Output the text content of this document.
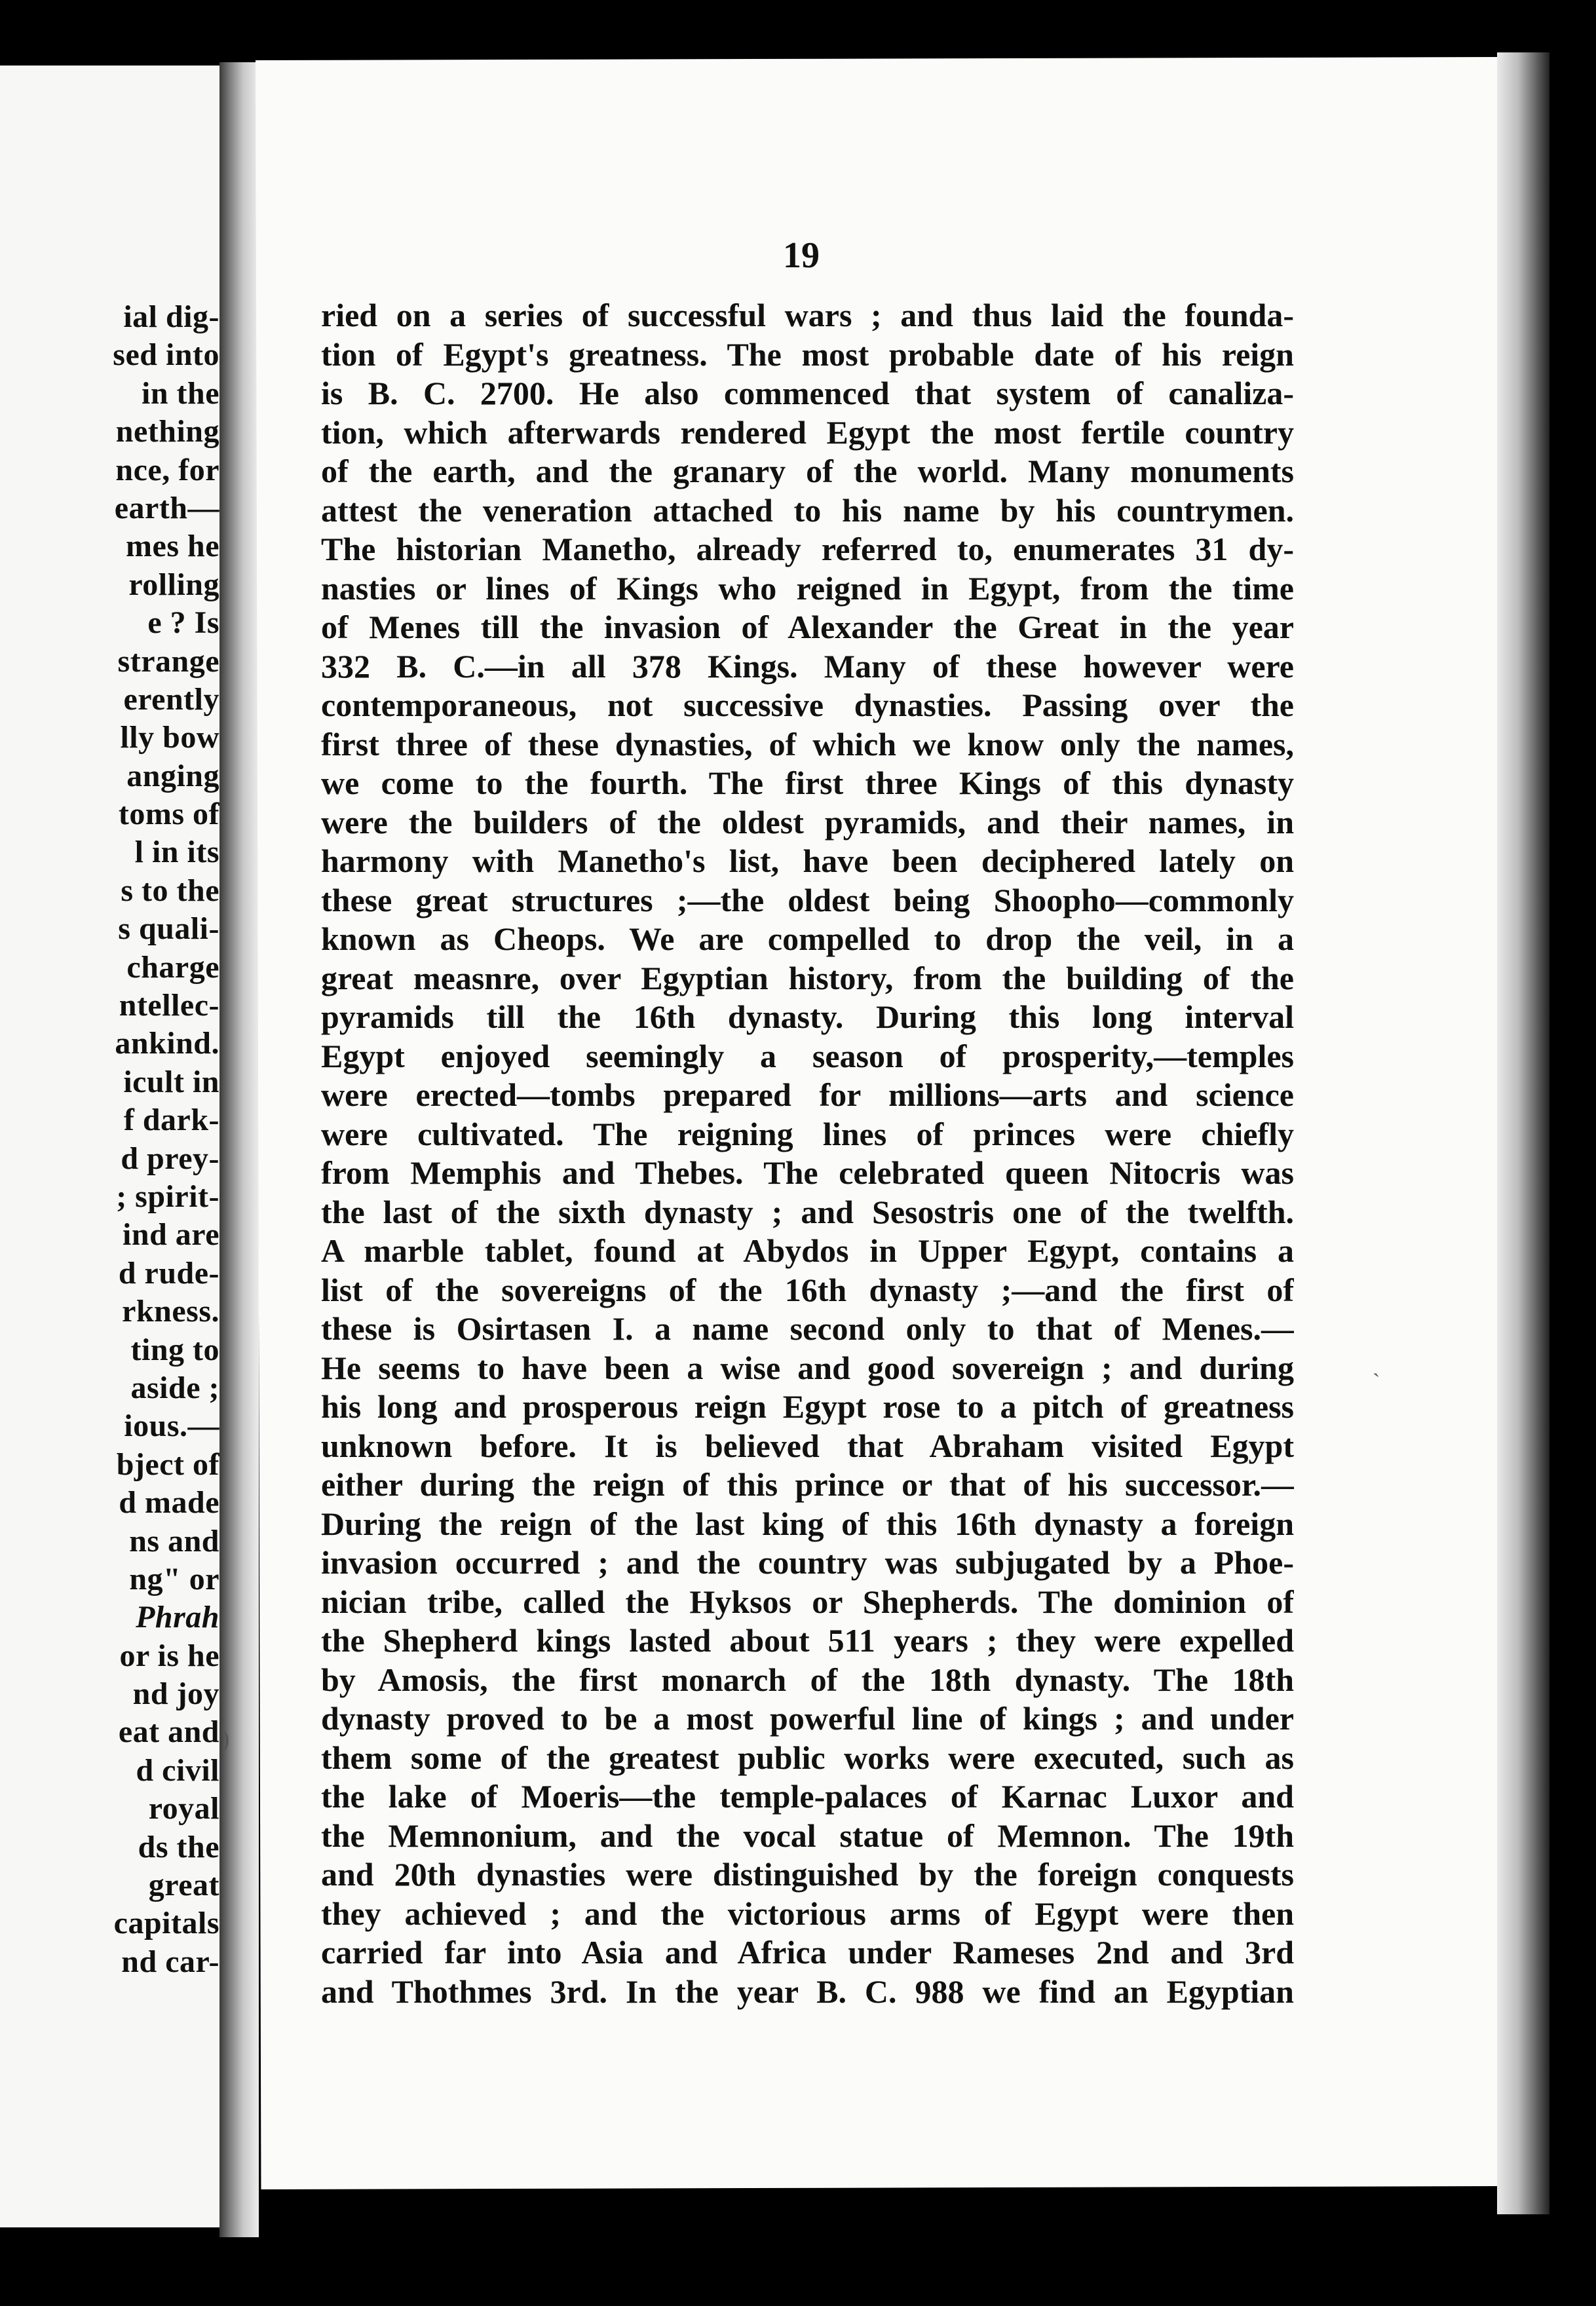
ial dig-
sed into
in the
nething
nce, for
earth—
mes he
rolling
e ? Is
strange
erently
lly bow
anging
toms of
l in its
s to the
s quali-
charge
ntellec-
ankind.
icult in
f dark-
d prey-
; spirit-
ind are
d rude-
rkness.
ting to
aside ;
ious.—
bject of
d made
ns and
ng" or
Phrah
or is he
nd joy
eat and
d civil
royal
ds the
great
capitals
nd car-
19
ried on a series of successful wars ; and thus laid the founda-
tion of Egypt's greatness. The most probable date of his reign
is B. C. 2700. He also commenced that system of canaliza-
tion, which afterwards rendered Egypt the most fertile country
of the earth, and the granary of the world. Many monuments
attest the veneration attached to his name by his countrymen.
The historian Manetho, already referred to, enumerates 31 dy-
nasties or lines of Kings who reigned in Egypt, from the time
of Menes till the invasion of Alexander the Great in the year
332 B. C.—in all 378 Kings. Many of these however were
contemporaneous, not successive dynasties. Passing over the
first three of these dynasties, of which we know only the names,
we come to the fourth. The first three Kings of this dynasty
were the builders of the oldest pyramids, and their names, in
harmony with Manetho's list, have been deciphered lately on
these great structures ;—the oldest being Shoopho—commonly
known as Cheops. We are compelled to drop the veil, in a
great measnre, over Egyptian history, from the building of the
pyramids till the 16th dynasty. During this long interval
Egypt enjoyed seemingly a season of prosperity,—temples
were erected—tombs prepared for millions—arts and science
were cultivated. The reigning lines of princes were chiefly
from Memphis and Thebes. The celebrated queen Nitocris was
the last of the sixth dynasty ; and Sesostris one of the twelfth.
A marble tablet, found at Abydos in Upper Egypt, contains a
list of the sovereigns of the 16th dynasty ;—and the first of
these is Osirtasen I. a name second only to that of Menes.—
He seems to have been a wise and good sovereign ; and during
his long and prosperous reign Egypt rose to a pitch of greatness
unknown before. It is believed that Abraham visited Egypt
either during the reign of this prince or that of his successor.—
During the reign of the last king of this 16th dynasty a foreign
invasion occurred ; and the country was subjugated by a Phoe-
nician tribe, called the Hyksos or Shepherds. The dominion of
the Shepherd kings lasted about 511 years ; they were expelled
by Amosis, the first monarch of the 18th dynasty. The 18th
dynasty proved to be a most powerful line of kings ; and under
them some of the greatest public works were executed, such as
the lake of Moeris—the temple-palaces of Karnac Luxor and
the Memnonium, and the vocal statue of Memnon. The 19th
and 20th dynasties were distinguished by the foreign conquests
they achieved ; and the victorious arms of Egypt were then
carried far into Asia and Africa under Rameses 2nd and 3rd
and Thothmes 3rd. In the year B. C. 988 we find an Egyptian
ˎ
)
